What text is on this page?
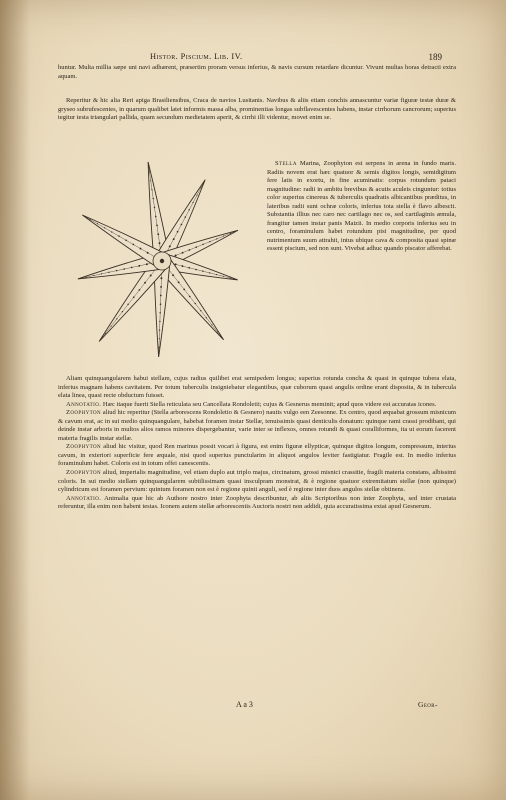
Histor. Piscium. Lib. IV.	189

huntur. Multa millia sæpe uni navi adhærent, præsertim proram versus inferius, & navis cursum retardare dicuntur. Vivunt multas horas detracti extra aquam.

Reperitur & hic alia Reri apiga Brasiliensibus, Craca de navios Lusitanis. Navibus & aliis etiam conchis annascuntur variæ figuræ testæ duræ & gryseo subrufescentes, in quarum qualibet latet informis massa alba, prominentias longas subflavescentes habens, instar cirrhorum cancrorum; superius tegitur testa triangulari pallida, quam secundum medietatem aperit, & cirrhi illi videntur, movet enim se.

Stella Marina, Zoophyton est serpens in arena in fundo maris. Radiis novem erat hæc quatuor & semis digitos longis, semidigitum fere latis in exortu, in fine acuminatis: corpus rotundum pataci magnitudine: radii in ambitu brevibus & acutis aculeis cinguntur: totius color superius cinereus & tuberculis quadratis albicantibus præditus, in lateribus radii sunt ochræ coloris, inferius tota stella è flavo albescit. Substantia illius nec caro nec cartilago nec os, sed cartilaginis æmula, frangitur tamen instar panis Maizii. In medio corporis inferius seu in centro, foraminulum habet rotundum pisi magnitudine, per quod nutrimentum suum attrahit, intus ubique cava & composita quasi spinæ essent piscium, sed non sunt. Vivebat adhuc quando piscator afferebat.

Aliam quinquangularem habui stellam, cujus radius quilibet erat semipedem longus; superius rotunda concha & quasi in quinque tubera elata, inferius magnam habens cavitatem. Per totum tuberculis insigniebatur elegantibus, quæ cuborum quasi angulis ordine erant disposita, & in tubercula elata linea, quasi recte obductum fuisset.

Annotatio. Hæc itaque fuerit Stella reticulata seu Cancellata Rondoletii; cujus & Gesnerus meminit; apud quos videre est accuratas icones.

Zoophyton aliud hic reperitur (Stella arborescens Rondoletio & Gesnero) nautis vulgo een Zeesonne. Ex centro, quod æquabat grossum misnicum & cavum erat, ac in sui medio quinquangulare, habebat foramen instar Stellæ, tenuissimis quasi denticulis donatum: quinque rami crassi prodibant, qui deinde instar arboris in multos alios ramos minores dispergebantur, varie inter se inflexos, omnes rotundi & quasi coralliformes, ita ut eorum facerent materia fragilis instar stellæ.

Zoophyton aliud hic visitur, quod Ren marinus possit vocari à figura, est enim figuræ ellypticæ, quinque digitos longum, compressum, interius cavum, in exteriori superficie fere æquale, nisi quod superius punctularim in aliquot angulos leviter fastigiatur. Fragile est. In medio inferius foraminulum habet. Coloris est in totum offei canescentis.

Zoophyton aliud, imperialis magnitudine, vel etiam duplo aut triplo majus, circinatum, grossi misnici crassitie, fragili materia constans, albissimi coloris. In sui medio stellam quinquangularem subtilissimam quasi insculpram monstrat, & è regione quatuor extremitatum stellæ (non quinque) cylindricum est foramen pervium: quintum foramen non est è regione quinti anguli, sed è regione inter duos angulos stellæ obtinens.

Annotatio. Animalia quæ hic ab Authore nostro inter Zoophyta describuntur, ab aliis Scriptoribus non inter Zoophyta, sed inter crustata referuntur, illa enim non habent testas. Iconem autem stellæ arborescentis Auctoris nostri non addidi, quia accuratissima extat apud Gesnerum.

A a 3	Geor-
